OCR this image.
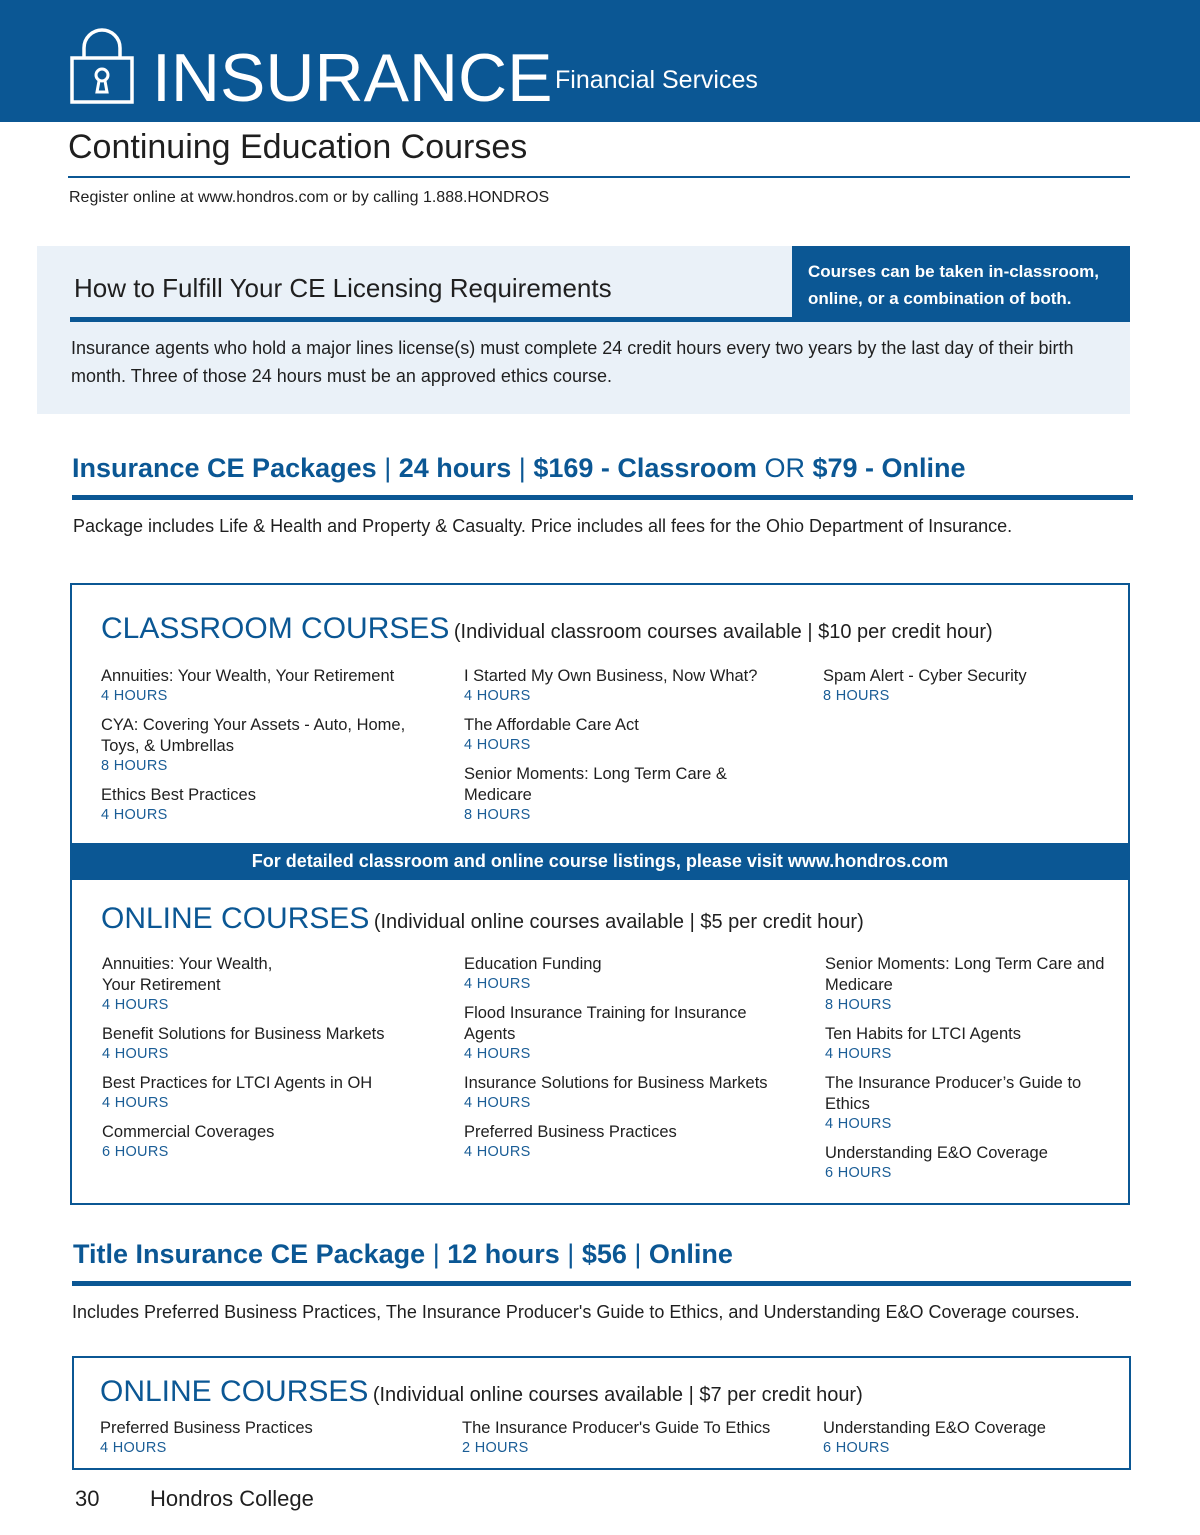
INSURANCE Financial Services
Continuing Education Courses
Register online at www.hondros.com or by calling 1.888.HONDROS
How to Fulfill Your CE Licensing Requirements
Courses can be taken in-classroom, online, or a combination of both.
Insurance agents who hold a major lines license(s) must complete 24 credit hours every two years by the last day of their birth month. Three of those 24 hours must be an approved ethics course.
Insurance CE Packages | 24 hours | $169 - Classroom OR $79 - Online
Package includes Life & Health and Property & Casualty. Price includes all fees for the Ohio Department of Insurance.
CLASSROOM COURSES (Individual classroom courses available | $10 per credit hour)
Annuities: Your Wealth, Your Retirement
4 HOURS
CYA: Covering Your Assets - Auto, Home, Toys, & Umbrellas
8 HOURS
Ethics Best Practices
4 HOURS
I Started My Own Business, Now What?
4 HOURS
The Affordable Care Act
4 HOURS
Senior Moments: Long Term Care & Medicare
8 HOURS
Spam Alert - Cyber Security
8 HOURS
For detailed classroom and online course listings, please visit www.hondros.com
ONLINE COURSES (Individual online courses available | $5 per credit hour)
Annuities: Your Wealth, Your Retirement
4 HOURS
Benefit Solutions for Business Markets
4 HOURS
Best Practices for LTCI Agents in OH
4 HOURS
Commercial Coverages
6 HOURS
Education Funding
4 HOURS
Flood Insurance Training for Insurance Agents
4 HOURS
Insurance Solutions for Business Markets
4 HOURS
Preferred Business Practices
4 HOURS
Senior Moments: Long Term Care and Medicare
8 HOURS
Ten Habits for LTCI Agents
4 HOURS
The Insurance Producer’s Guide to Ethics
4 HOURS
Understanding E&O Coverage
6 HOURS
Title Insurance CE Package | 12 hours | $56 | Online
Includes Preferred Business Practices, The Insurance Producer's Guide to Ethics, and Understanding E&O Coverage courses.
ONLINE COURSES (Individual online courses available | $7 per credit hour)
Preferred Business Practices
4 HOURS
The Insurance Producer's Guide To Ethics
2 HOURS
Understanding E&O Coverage
6 HOURS
30 Hondros College
